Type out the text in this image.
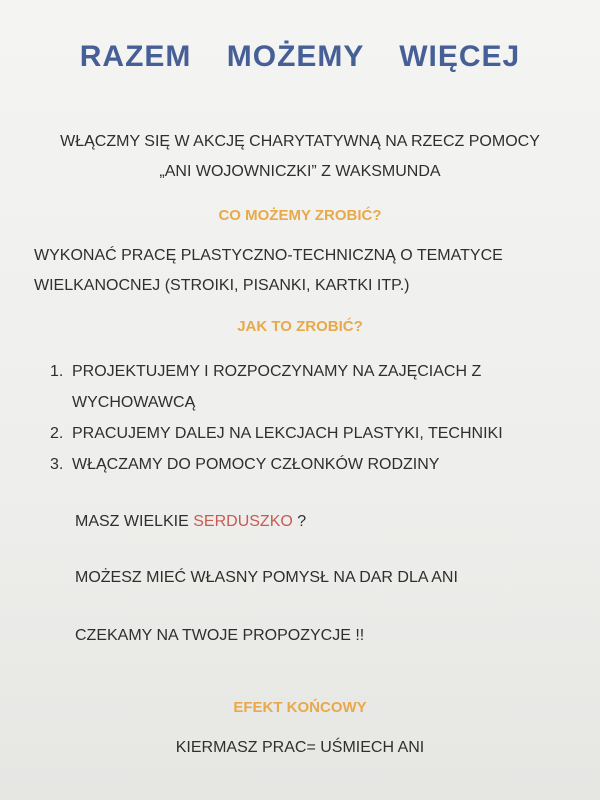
RAZEM MOŻEMY WIĘCEJ
WŁĄCZMY SIĘ W AKCJĘ CHARYTATYWNĄ NA RZECZ POMOCY
„ANI WOJOWNICZKI” Z WAKSMUNDA
CO MOŻEMY ZROBIĆ?
WYKONAĆ PRACĘ PLASTYCZNO-TECHNICZNĄ O TEMATYCE
WIELKANOCNEJ (STROIKI, PISANKI, KARTKI ITP.)
JAK TO ZROBIĆ?
1. PROJEKTUJEMY I ROZPOCZYNAMY NA ZAJĘCIACH Z
WYCHOWAWCĄ
2. PRACUJEMY DALEJ NA LEKCJACH PLASTYKI, TECHNIKI
3. WŁĄCZAMY DO POMOCY CZŁONKÓW RODZINY
MASZ WIELKIE SERDUSZKO ?
MOŻESZ MIEĆ WŁASNY POMYSŁ NA DAR DLA ANI
CZEKAMY NA TWOJE PROPOZYCJE !!
EFEKT KOŃCOWY
KIERMASZ PRAC= UŚMIECH ANI
